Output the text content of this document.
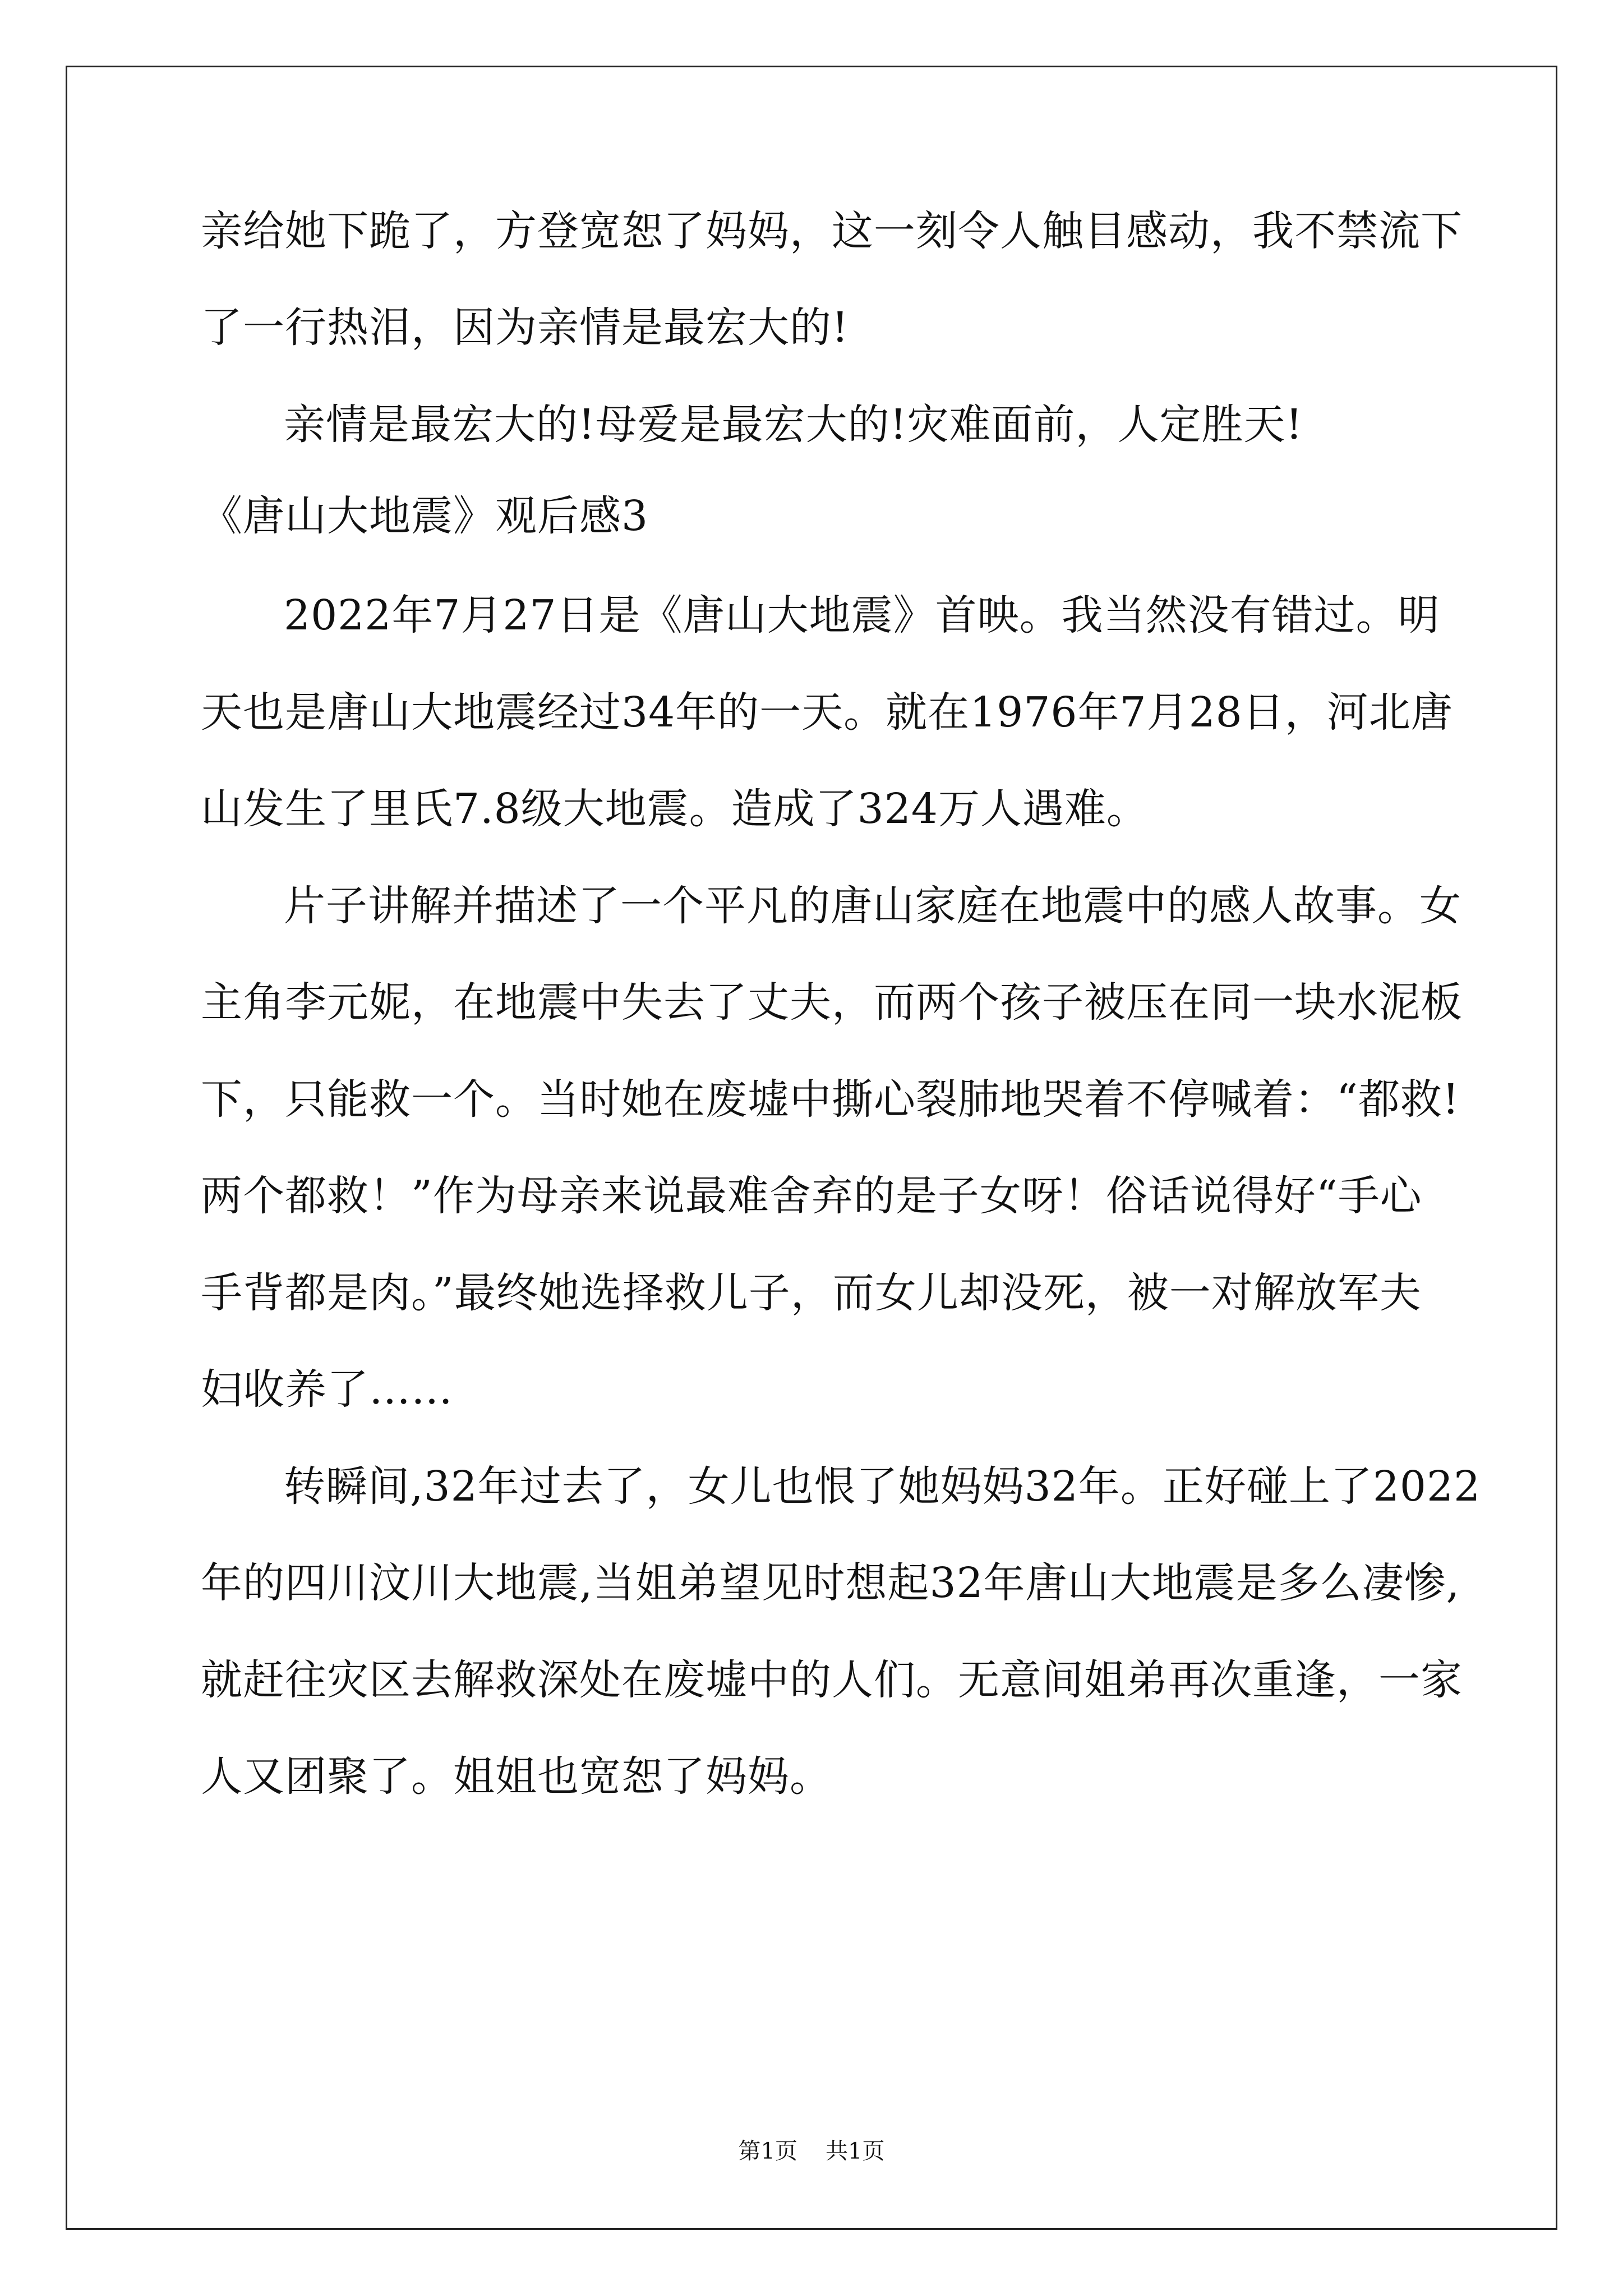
亲给她下跪了，方登宽恕了妈妈，这一刻令人触目感动，我不禁流下

了一行热泪，因为亲情是最宏大的!

亲情是最宏大的!母爱是最宏大的!灾难面前，人定胜天!

《唐山大地震》观后感3

2022年7月27日是《唐山大地震》首映。我当然没有错过。明

天也是唐山大地震经过34年的一天。就在1976年7月28日，河北唐

山发生了里氏7.8级大地震。造成了324万人遇难。

片子讲解并描述了一个平凡的唐山家庭在地震中的感人故事。女

主角李元妮，在地震中失去了丈夫，而两个孩子被压在同一块水泥板

下，只能救一个。当时她在废墟中撕心裂肺地哭着不停喊着：“都救!

两个都救！”作为母亲来说最难舍弃的是子女呀！俗话说得好“手心

手背都是肉。”最终她选择救儿子，而女儿却没死，被一对解放军夫

妇收养了……

转瞬间,32年过去了，女儿也恨了她妈妈32年。正好碰上了2022

年的四川汶川大地震,当姐弟望见时想起32年唐山大地震是多么凄惨,

就赶往灾区去解救深处在废墟中的人们。无意间姐弟再次重逢，一家

人又团聚了。姐姐也宽恕了妈妈。

第1页 共1页
